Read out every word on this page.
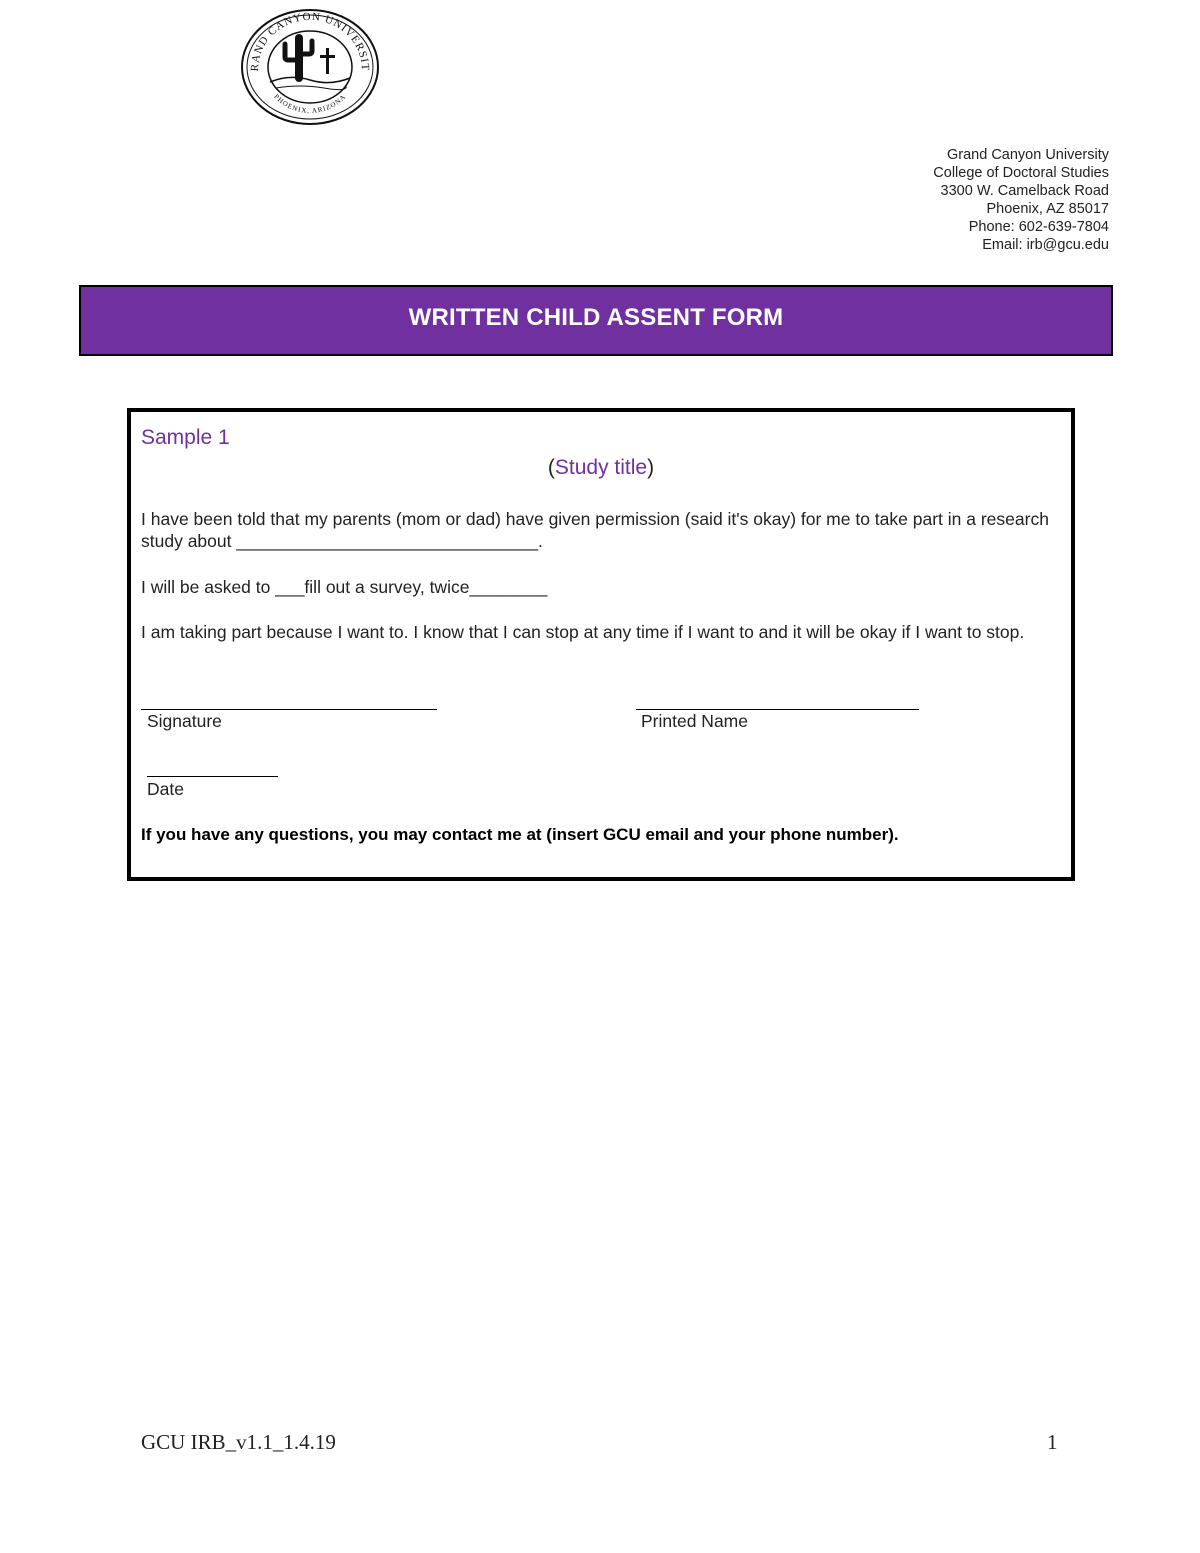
RAND CANYON UNIVERSIT
PHOENIX, ARIZONA
Grand Canyon University
College of Doctoral Studies
3300 W. Camelback Road
Phoenix, AZ 85017
Phone: 602-639-7804
Email: irb@gcu.edu
WRITTEN CHILD ASSENT FORM
Sample 1
(Study title)
I have been told that my parents (mom or dad) have given permission (said it's okay) for me to take part in a research study about _______________________________.
I will be asked to ___fill out a survey, twice________
I am taking part because I want to. I know that I can stop at any time if I want to and it will be okay if I want to stop.
Signature	Printed Name
Date
If you have any questions, you may contact me at (insert GCU email and your phone number).
GCU IRB_v1.1_1.4.19	1
